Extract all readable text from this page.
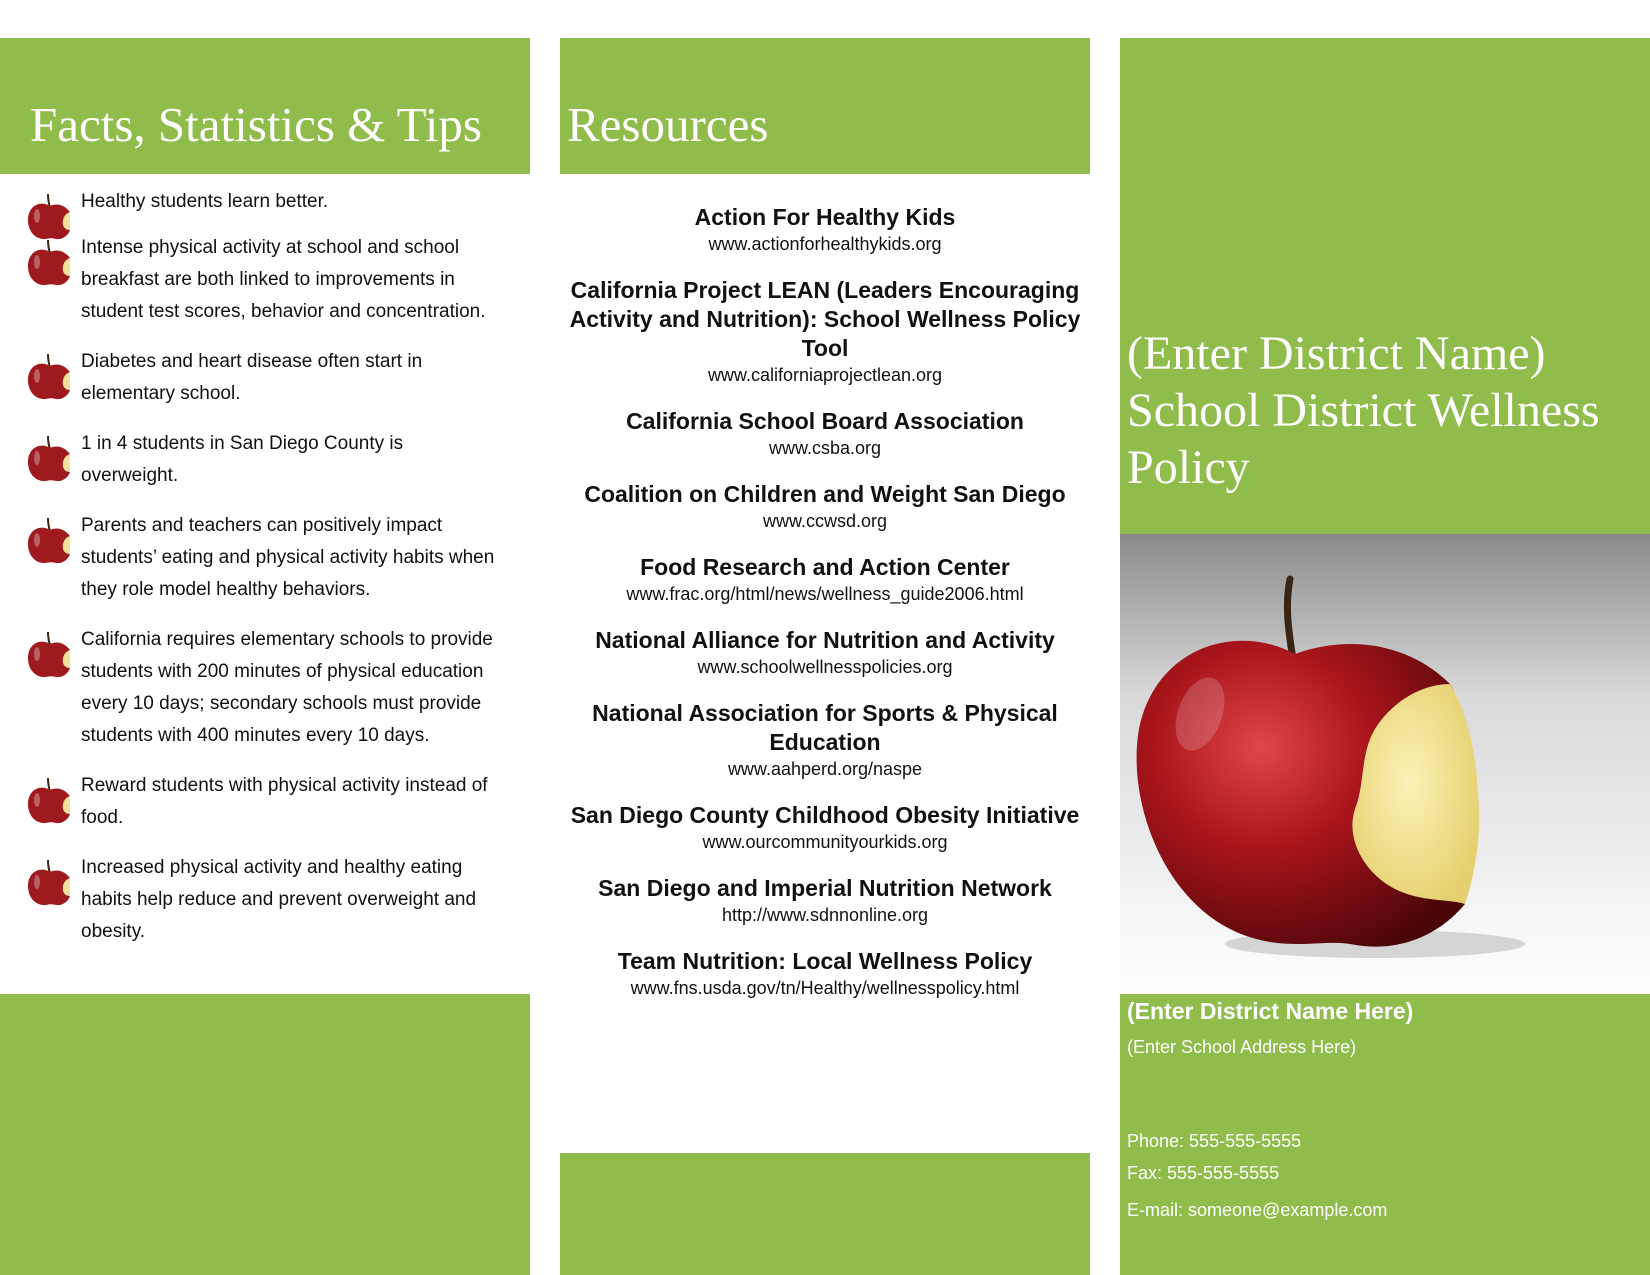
Facts, Statistics & Tips
Healthy students learn better.
Intense physical activity at school and school breakfast are both linked to improvements in student test scores, behavior and concentration.
Diabetes and heart disease often start in elementary school.
1 in 4 students in San Diego County is overweight.
Parents and teachers can positively impact students’ eating and physical activity habits when they role model healthy behaviors.
California requires elementary schools to provide students with 200 minutes of physical education every 10 days; secondary schools must provide students with 400 minutes every 10 days.
Reward students with physical activity instead of food.
Increased physical activity and healthy eating habits help reduce and prevent overweight and obesity.
Resources
Action For Healthy Kids
www.actionforhealthykids.org
California Project LEAN (Leaders Encouraging Activity and Nutrition): School Wellness Policy Tool
www.californiaprojectlean.org
California School Board Association
www.csba.org
Coalition on Children and Weight San Diego
www.ccwsd.org
Food Research and Action Center
www.frac.org/html/news/wellness_guide2006.html
National Alliance for Nutrition and Activity
www.schoolwellnesspolicies.org
National Association for Sports & Physical Education
www.aahperd.org/naspe
San Diego County Childhood Obesity Initiative
www.ourcommunityourkids.org
San Diego and Imperial Nutrition Network
http://www.sdnnonline.org
Team Nutrition: Local Wellness Policy
www.fns.usda.gov/tn/Healthy/wellnesspolicy.html
(Enter District Name) School District Wellness Policy
(Enter District Name Here)
(Enter School Address Here)
Phone: 555-555-5555
Fax: 555-555-5555
E-mail: someone@example.com
